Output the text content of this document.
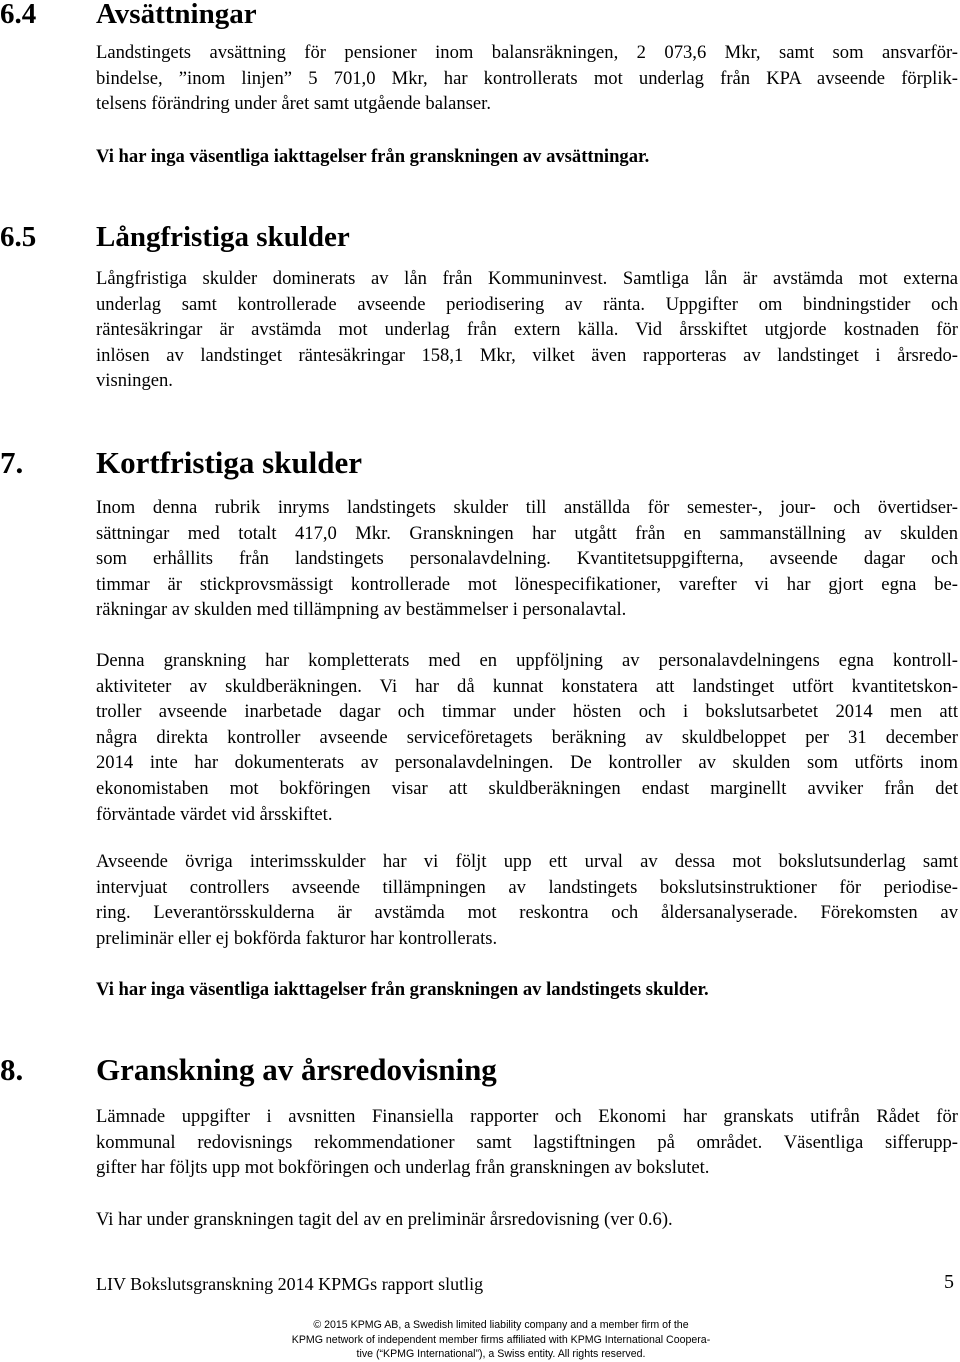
6.4 Avsättningar
Landstingets avsättning för pensioner inom balansräkningen, 2 073,6 Mkr, samt som ansvarför-
bindelse, ”inom linjen” 5 701,0 Mkr, har kontrollerats mot underlag från KPA avseende förplik-
telsens förändring under året samt utgående balanser.
Vi har inga väsentliga iakttagelser från granskningen av avsättningar.
6.5 Långfristiga skulder
Långfristiga skulder dominerats av lån från Kommuninvest. Samtliga lån är avstämda mot externa
underlag samt kontrollerade avseende periodisering av ränta. Uppgifter om bindningstider och
räntesäkringar är avstämda mot underlag från extern källa. Vid årsskiftet utgjorde kostnaden för
inlösen av landstinget räntesäkringar 158,1 Mkr, vilket även rapporteras av landstinget i årsredo-
visningen.
7. Kortfristiga skulder
Inom denna rubrik inryms landstingets skulder till anställda för semester-, jour- och övertidser-
sättningar med totalt 417,0 Mkr. Granskningen har utgått från en sammanställning av skulden
som erhållits från landstingets personalavdelning. Kvantitetsuppgifterna, avseende dagar och
timmar är stickprovsmässigt kontrollerade mot lönespecifikationer, varefter vi har gjort egna be-
räkningar av skulden med tillämpning av bestämmelser i personalavtal.
Denna granskning har kompletterats med en uppföljning av personalavdelningens egna kontroll-
aktiviteter av skuldberäkningen. Vi har då kunnat konstatera att landstinget utfört kvantitetskon-
troller avseende inarbetade dagar och timmar under hösten och i bokslutsarbetet 2014 men att
några direkta kontroller avseende serviceföretagets beräkning av skuldbeloppet per 31 december
2014 inte har dokumenterats av personalavdelningen. De kontroller av skulden som utförts inom
ekonomistaben mot bokföringen visar att skuldberäkningen endast marginellt avviker från det
förväntade värdet vid årsskiftet.
Avseende övriga interimsskulder har vi följt upp ett urval av dessa mot bokslutsunderlag samt
intervjuat controllers avseende tillämpningen av landstingets bokslutsinstruktioner för periodise-
ring. Leverantörsskulderna är avstämda mot reskontra och åldersanalyserade. Förekomsten av
preliminär eller ej bokförda fakturor har kontrollerats.
Vi har inga väsentliga iakttagelser från granskningen av landstingets skulder.
8. Granskning av årsredovisning
Lämnade uppgifter i avsnitten Finansiella rapporter och Ekonomi har granskats utifrån Rådet för
kommunal redovisnings rekommendationer samt lagstiftningen på området. Väsentliga sifferupp-
gifter har följts upp mot bokföringen och underlag från granskningen av bokslutet.
Vi har under granskningen tagit del av en preliminär årsredovisning (ver 0.6).
LIV Bokslutsgranskning 2014 KPMGs rapport slutlig	5
© 2015 KPMG AB, a Swedish limited liability company and a member firm of the
KPMG network of independent member firms affiliated with KPMG International Coopera-
tive (“KPMG International”), a Swiss entity. All rights reserved.
